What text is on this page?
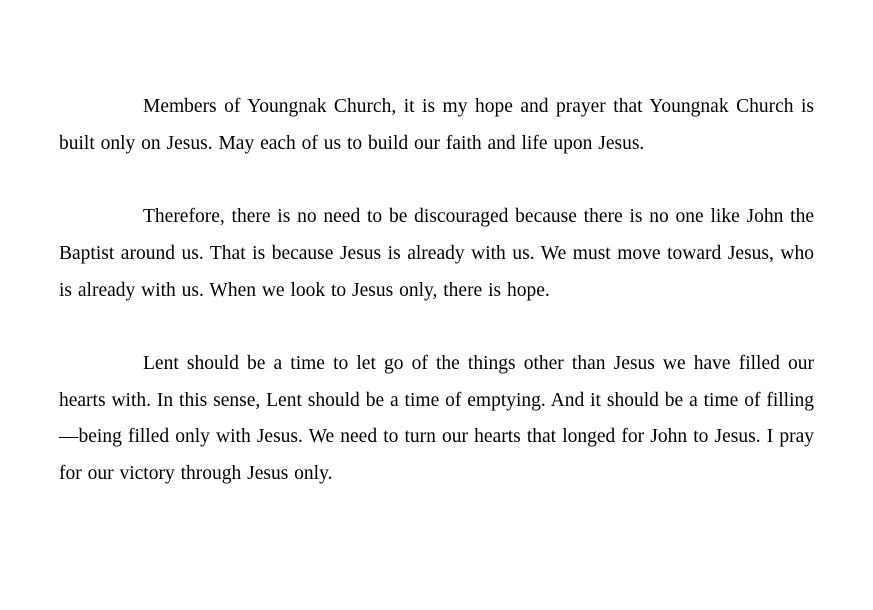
Members of Youngnak Church, it is my hope and prayer that Youngnak Church is built only on Jesus. May each of us to build our faith and life upon Jesus.

Therefore, there is no need to be discouraged because there is no one like John the Baptist around us. That is because Jesus is already with us. We must move toward Jesus, who is already with us. When we look to Jesus only, there is hope.

Lent should be a time to let go of the things other than Jesus we have filled our hearts with. In this sense, Lent should be a time of emptying. And it should be a time of filling—being filled only with Jesus. We need to turn our hearts that longed for John to Jesus. I pray for our victory through Jesus only.
